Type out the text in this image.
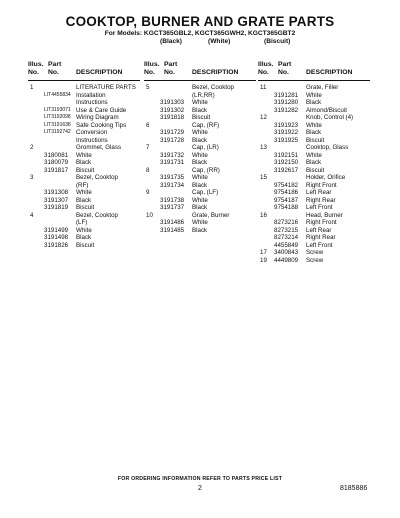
COOKTOP, BURNER AND GRATE PARTS
For Models: KGCT365GBL2, KGCT365GWH2, KGCT365GBT2
(Black)	(White)	(Biscuit)
Illus.
No.
Part
No.
	DESCRIPTION
1	LITERATURE PARTS
LIT4455834 Installation
Instructions
LIT3193071 Use & Care Guide
LIT3192098 Wiring Diagram
LIT3191638 Safe Cooking Tips
LIT3192742 Conversion
Instructions
2	Grommet, Glass
3180081 White
3180079 Black
3191817 Biscuit
3	Bezel, Cooktop
(RF)
3191308 White
3191307 Black
3191819 Biscuit
4	Bezel, Cooktop
(LF)
3191499 White
3191498 Black
3191826 Biscuit
Illus.
No.
Part
No.
	DESCRIPTION
5	Bezel, Cooktop
(LR,RR)
3191303 White
3191302 Black
3191818 Biscuit
6	Cap, (RF)
3191729 White
3191728 Black
7	Cap, (LR)
3191732 White
3191731 Black
8	Cap, (RR)
3191735 White
3191734 Black
9	Cap, (LF)
3191738 White
3191737 Black
10	Grate, Burner
3191486 White
3191485 Black
Illus.
No.
Part
No.
	DESCRIPTION
11	Grate, Filler
3191281 White
3191280 Black
3191282 Almond/Biscuit
12	Knob, Control (4)
3191923 White
3191922 Black
3191925 Biscuit
13	Cooktop, Glass
3192151 White
3192150 Black
3192617 Biscuit
15	Holder, Orifice
9754182 Right Front
9754186 Left Rear
9754187 Right Rear
9754188 Left Front
16	Head, Burner
8273216 Right Front
8273215 Left Rear
8273214 Right Rear
4455849 Left Front
17 3400843 Screw
19 4449809 Screw
FOR ORDERING INFORMATION REFER TO PARTS PRICE LIST
2	8185886
